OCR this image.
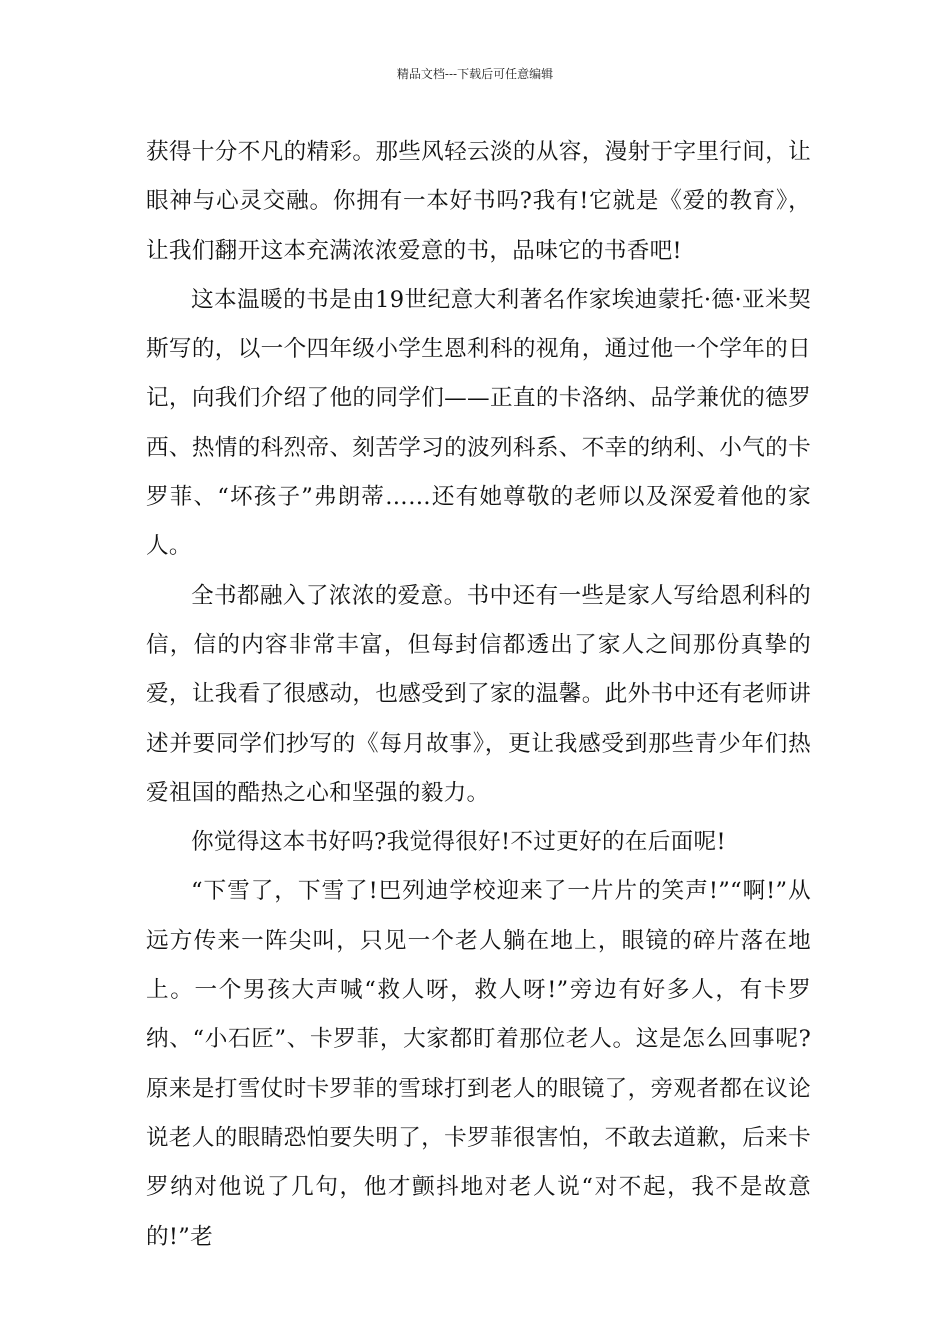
精品文档---下载后可任意编辑

获得十分不凡的精彩。那些风轻云淡的从容，漫射于字里行间，让眼神与心灵交融。你拥有一本好书吗?我有!它就是《爱的教育》，让我们翻开这本充满浓浓爱意的书，品味它的书香吧!

这本温暖的书是由19世纪意大利著名作家埃迪蒙托·德·亚米契斯写的，以一个四年级小学生恩利科的视角，通过他一个学年的日记，向我们介绍了他的同学们——正直的卡洛纳、品学兼优的德罗西、热情的科烈帝、刻苦学习的波列科系、不幸的纳利、小气的卡罗菲、“坏孩子”弗朗蒂……还有她尊敬的老师以及深爱着他的家人。

全书都融入了浓浓的爱意。书中还有一些是家人写给恩利科的信，信的内容非常丰富，但每封信都透出了家人之间那份真挚的爱，让我看了很感动，也感受到了家的温馨。此外书中还有老师讲述并要同学们抄写的《每月故事》，更让我感受到那些青少年们热爱祖国的酷热之心和坚强的毅力。

你觉得这本书好吗?我觉得很好!不过更好的在后面呢!

“下雪了，下雪了!巴列迪学校迎来了一片片的笑声!”“啊!”从远方传来一阵尖叫，只见一个老人躺在地上，眼镜的碎片落在地上。一个男孩大声喊“救人呀，救人呀!”旁边有好多人，有卡罗纳、“小石匠”、卡罗菲，大家都盯着那位老人。这是怎么回事呢?原来是打雪仗时卡罗菲的雪球打到老人的眼镜了，旁观者都在议论说老人的眼睛恐怕要失明了，卡罗菲很害怕，不敢去道歉，后来卡罗纳对他说了几句，他才颤抖地对老人说“对不起，我不是故意的!”老
